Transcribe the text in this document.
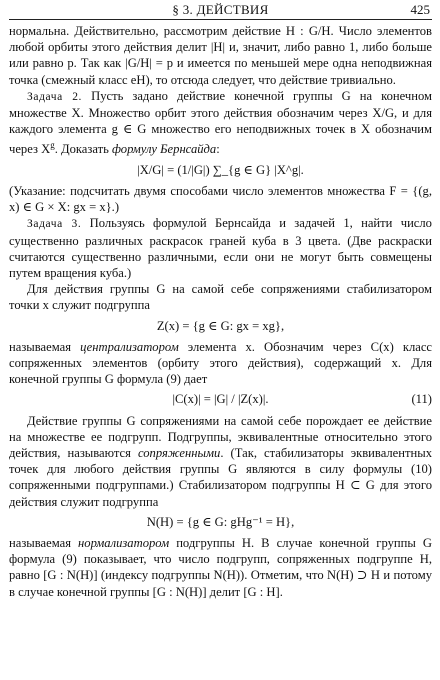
§ 3. ДЕЙСТВИЯ	425

нормальна. Действительно, рассмотрим действие H : G/H. Число элементов любой орбиты этого действия делит |H| и, значит, либо равно 1, либо больше или равно p. Так как |G/H| = p и имеется по меньшей мере одна неподвижная точка (смежный класс eH), то отсюда следует, что действие тривиально.

Задача 2. Пусть задано действие конечной группы G на конечном множестве X. Множество орбит этого действия обозначим через X/G, и для каждого элемента g ∈ G множество его неподвижных точек в X обозначим через $X^g$. Доказать формулу Бернсайда:

|X/G| = (1/|G|) ∑_{g ∈ G} |X^g|.

(Указание: подсчитать двумя способами число элементов множества F = {(g, x) ∈ G × X: gx = x}.)

Задача 3. Пользуясь формулой Бернсайда и задачей 1, найти число существенно различных раскрасок граней куба в 3 цвета. (Две раскраски считаются существенно различными, если они не могут быть совмещены путем вращения куба.)

Для действия группы G на самой себе сопряжениями стабилизатором точки x служит подгруппа

Z(x) = {g ∈ G: gx = xg},

называемая централизатором элемента x. Обозначим через C(x) класс сопряженных элементов (орбиту этого действия), содержащий x. Для конечной группы G формула (9) дает

|C(x)| = |G| / |Z(x)|.	(11)

Действие группы G сопряжениями на самой себе порождает ее действие на множестве ее подгрупп. Подгруппы, эквивалентные относительно этого действия, называются сопряженными. (Так, стабилизаторы эквивалентных точек для любого действия группы G являются в силу формулы (10) сопряженными подгруппами.) Стабилизатором подгруппы H ⊂ G для этого действия служит подгруппа

N(H) = {g ∈ G: gHg⁻¹ = H},

называемая нормализатором подгруппы H. В случае конечной группы G формула (9) показывает, что число подгрупп, сопряженных подгруппе H, равно [G : N(H)] (индексу подгруппы N(H)). Отметим, что N(H) ⊃ H и потому в случае конечной группы [G : N(H)] делит [G : H].
